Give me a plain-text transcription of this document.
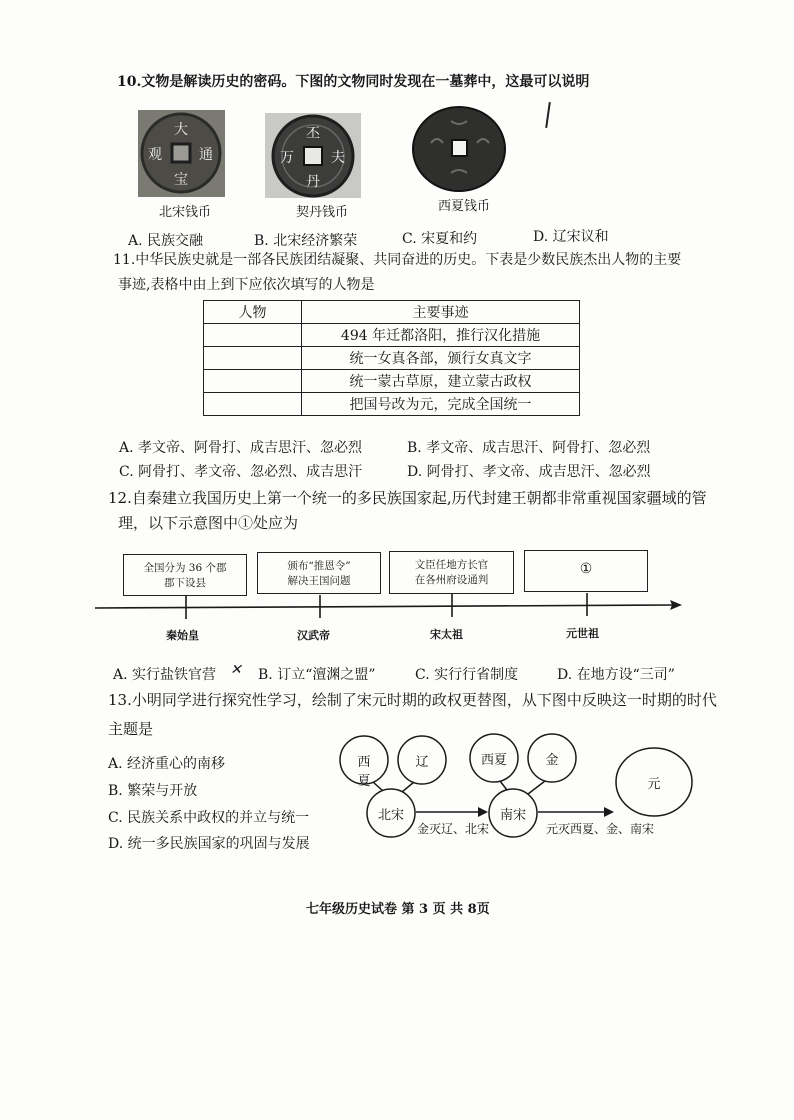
10.文物是解读历史的密码。下图的文物同时发现在一墓葬中，这最可以说明
大
通
宝
观
北宋钱币
丕
夫
丹
万
契丹钱币	西夏钱币
A. 民族交融	B. 北宋经济繁荣	C. 宋夏和约	D. 辽宋议和
11.中华民族史就是一部各民族团结凝聚、共同奋进的历史。下表是少数民族杰出人物的主要
事迹,表格中由上到下应依次填写的人物是
人物	主要事迹
	494 年迁都洛阳，推行汉化措施
	统一女真各部，颁行女真文字
	统一蒙古草原，建立蒙古政权
	把国号改为元，完成全国统一
A. 孝文帝、阿骨打、成吉思汗、忽必烈	B. 孝文帝、成吉思汗、阿骨打、忽必烈
C. 阿骨打、孝文帝、忽必烈、成吉思汗	D. 阿骨打、孝文帝、成吉思汗、忽必烈
12.自秦建立我国历史上第一个统一的多民族国家起,历代封建王朝都非常重视国家疆域的管
理，以下示意图中①处应为
全国分为 36 个郡
郡下设县
颁布“推恩令”
解决王国问题
文臣任地方长官
在各州府设通判
①
秦始皇	汉武帝	宋太祖	元世祖
A. 实行盐铁官营 ✕ B. 订立“澶渊之盟”	C. 实行行省制度	D. 在地方设“三司”
13.小明同学进行探究性学习，绘制了宋元时期的政权更替图，从下图中反映这一时期的时代
主题是
A. 经济重心的南移
B. 繁荣与开放
C. 民族关系中政权的并立与统一
D. 统一多民族国家的巩固与发展
西夏
辽
北宋
西夏	金
南宋
元
金灭辽、北宋	元灭西夏、金、南宋
七年级历史试卷 第 3 页 共 8页
